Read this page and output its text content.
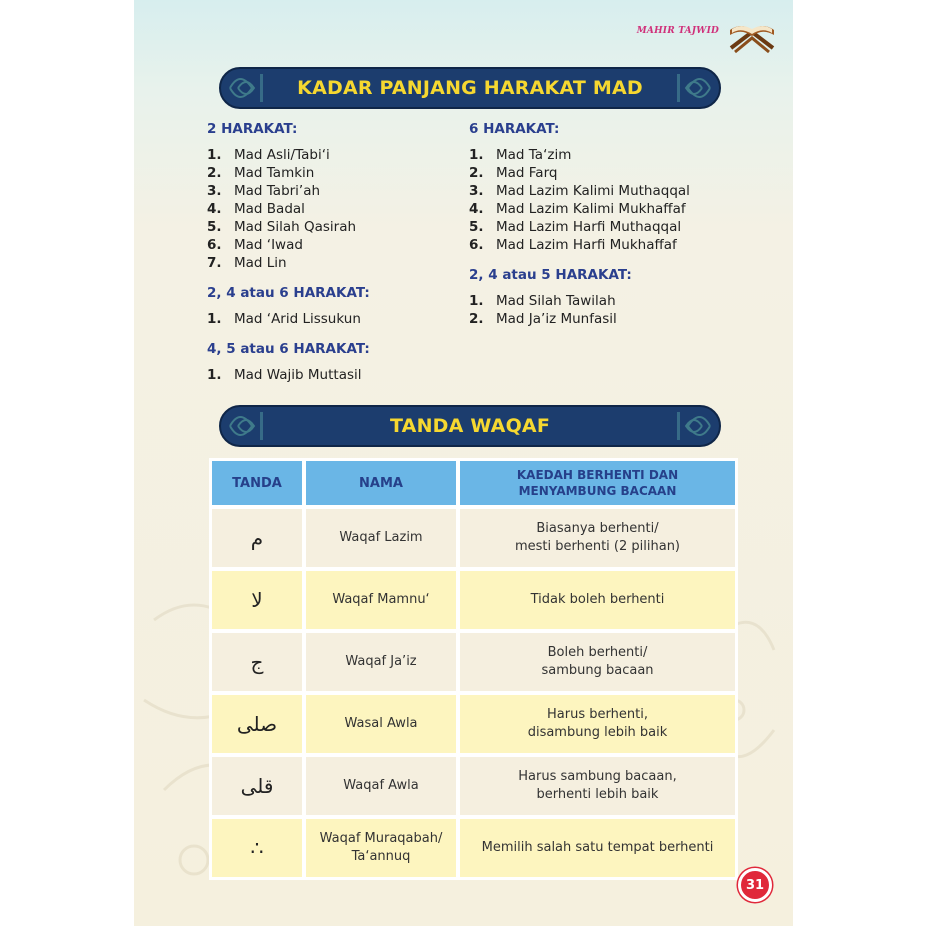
MAHIR TAJWID
KADAR PANJANG HARAKAT MAD
2 HARAKAT:
1. Mad Asli/Tabi‘i
2. Mad Tamkin
3. Mad Tabri’ah
4. Mad Badal
5. Mad Silah Qasirah
6. Mad ‘Iwad
7. Mad Lin
2, 4 atau 6 HARAKAT:
1. Mad ‘Arid Lissukun
4, 5 atau 6 HARAKAT:
1. Mad Wajib Muttasil
6 HARAKAT:
1. Mad Ta‘zim
2. Mad Farq
3. Mad Lazim Kalimi Muthaqqal
4. Mad Lazim Kalimi Mukhaffaf
5. Mad Lazim Harfi Muthaqqal
6. Mad Lazim Harfi Mukhaffaf
2, 4 atau 5 HARAKAT:
1. Mad Silah Tawilah
2. Mad Ja’iz Munfasil
TANDA WAQAF
TANDA	NAMA	KAEDAH BERHENTI DAN
MENYAMBUNG BACAAN

م	Waqaf Lazim	Biasanya berhenti/
mesti berhenti (2 pilihan)

لا	Waqaf Mamnu‘	Tidak boleh berhenti

ج	Waqaf Ja’iz	Boleh berhenti/
sambung bacaan

صلى	Wasal Awla	Harus berhenti,
disambung lebih baik

قلى	Waqaf Awla	Harus sambung bacaan,
berhenti lebih baik

∴	Waqaf Muraqabah/
Ta‘annuq	Memilih salah satu tempat berhenti
31
